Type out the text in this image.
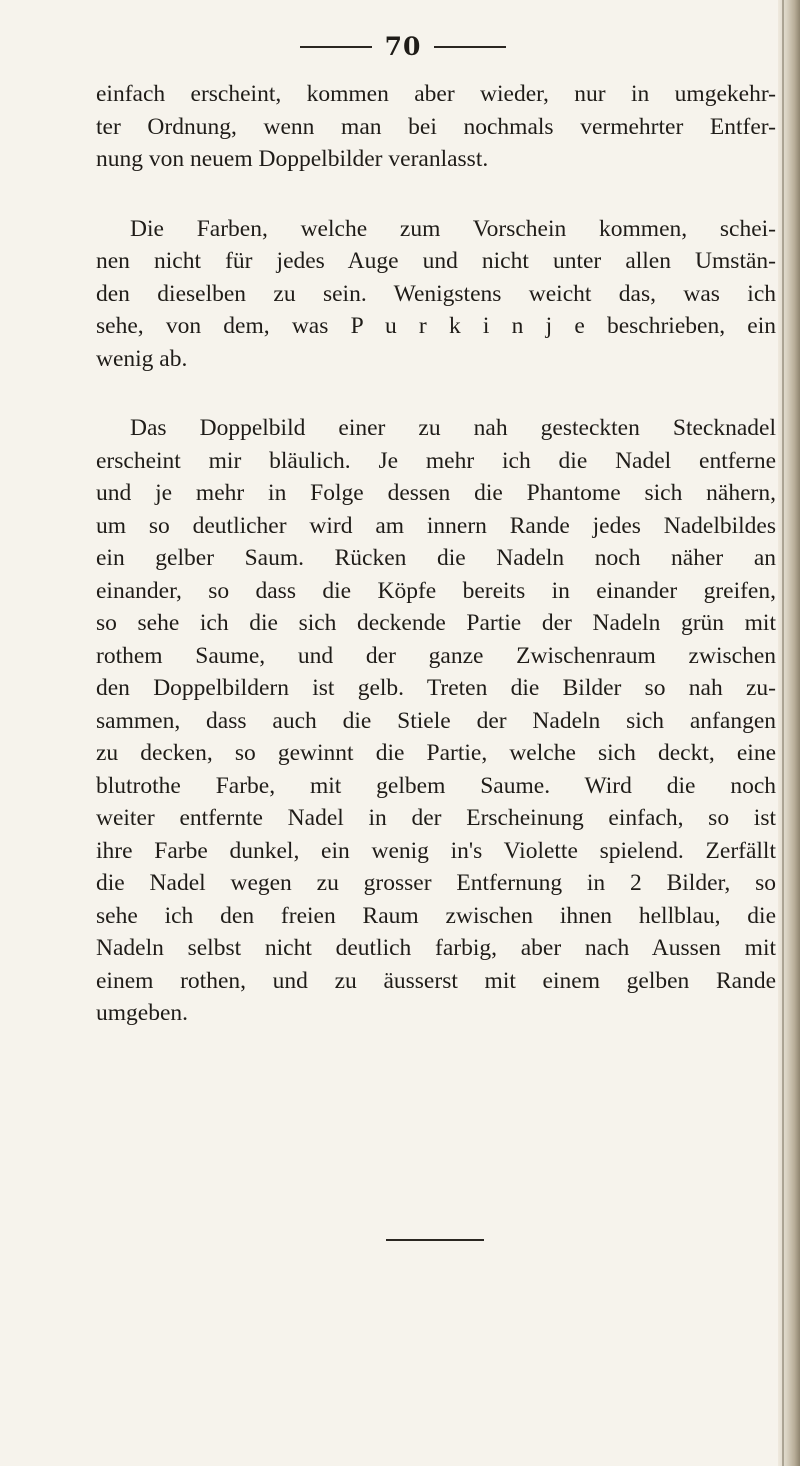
70

einfach erscheint, kommen aber wieder, nur in umgekehr-
ter Ordnung, wenn man bei nochmals vermehrter Entfer-
nung von neuem Doppelbilder veranlasst.

Die Farben, welche zum Vorschein kommen, schei-
nen nicht für jedes Auge und nicht unter allen Umstän-
den dieselben zu sein. Wenigstens weicht das, was ich
sehe, von dem, was P u r k i n j e beschrieben, ein
wenig ab.

Das Doppelbild einer zu nah gesteckten Stecknadel
erscheint mir bläulich. Je mehr ich die Nadel entferne
und je mehr in Folge dessen die Phantome sich nähern,
um so deutlicher wird am innern Rande jedes Nadelbildes
ein gelber Saum. Rücken die Nadeln noch näher an
einander, so dass die Köpfe bereits in einander greifen,
so sehe ich die sich deckende Partie der Nadeln grün mit
rothem Saume, und der ganze Zwischenraum zwischen
den Doppelbildern ist gelb. Treten die Bilder so nah zu-
sammen, dass auch die Stiele der Nadeln sich anfangen
zu decken, so gewinnt die Partie, welche sich deckt, eine
blutrothe Farbe, mit gelbem Saume. Wird die noch
weiter entfernte Nadel in der Erscheinung einfach, so ist
ihre Farbe dunkel, ein wenig in's Violette spielend. Zerfällt
die Nadel wegen zu grosser Entfernung in 2 Bilder, so
sehe ich den freien Raum zwischen ihnen hellblau, die
Nadeln selbst nicht deutlich farbig, aber nach Aussen mit
einem rothen, und zu äusserst mit einem gelben Rande
umgeben.
